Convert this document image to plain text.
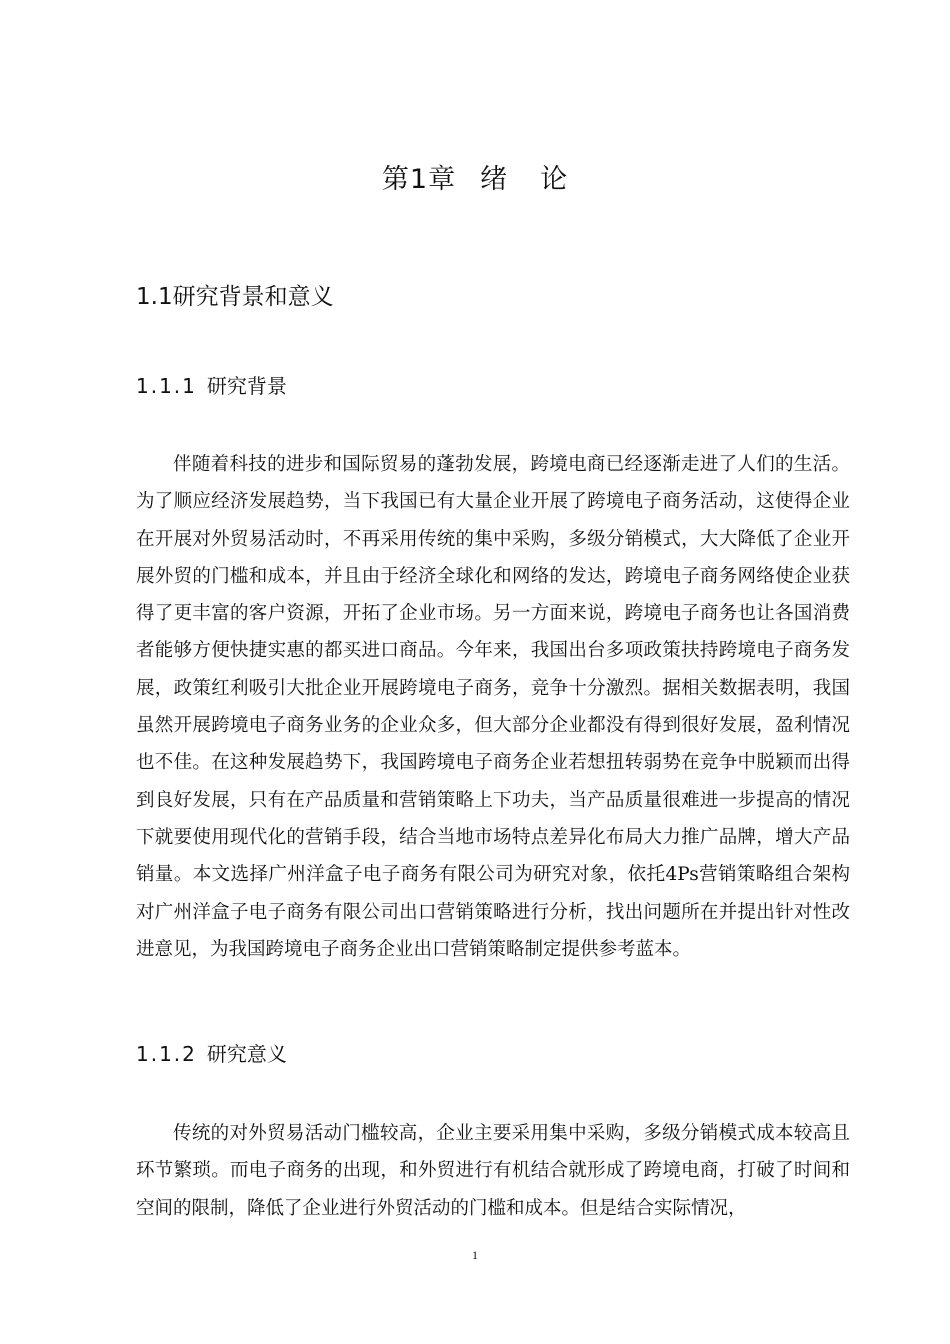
第1章 绪 论
1.1研究背景和意义
1.1.1 研究背景

伴随着科技的进步和国际贸易的蓬勃发展，跨境电商已经逐渐走进了人们的生活。为了顺应经济发展趋势，当下我国已有大量企业开展了跨境电子商务活动，这使得企业在开展对外贸易活动时，不再采用传统的集中采购，多级分销模式，大大降低了企业开展外贸的门槛和成本，并且由于经济全球化和网络的发达，跨境电子商务网络使企业获得了更丰富的客户资源，开拓了企业市场。另一方面来说，跨境电子商务也让各国消费者能够方便快捷实惠的都买进口商品。今年来，我国出台多项政策扶持跨境电子商务发展，政策红利吸引大批企业开展跨境电子商务，竞争十分激烈。据相关数据表明，我国虽然开展跨境电子商务业务的企业众多，但大部分企业都没有得到很好发展，盈利情况也不佳。在这种发展趋势下，我国跨境电子商务企业若想扭转弱势在竞争中脱颖而出得到良好发展，只有在产品质量和营销策略上下功夫，当产品质量很难进一步提高的情况下就要使用现代化的营销手段，结合当地市场特点差异化布局大力推广品牌，增大产品销量。本文选择广州洋盒子电子商务有限公司为研究对象，依托4Ps营销策略组合架构对广州洋盒子电子商务有限公司出口营销策略进行分析，找出问题所在并提出针对性改进意见，为我国跨境电子商务企业出口营销策略制定提供参考蓝本。

1.1.2 研究意义

传统的对外贸易活动门槛较高，企业主要采用集中采购，多级分销模式成本较高且环节繁琐。而电子商务的出现，和外贸进行有机结合就形成了跨境电商，打破了时间和空间的限制，降低了企业进行外贸活动的门槛和成本。但是结合实际情况，

1
